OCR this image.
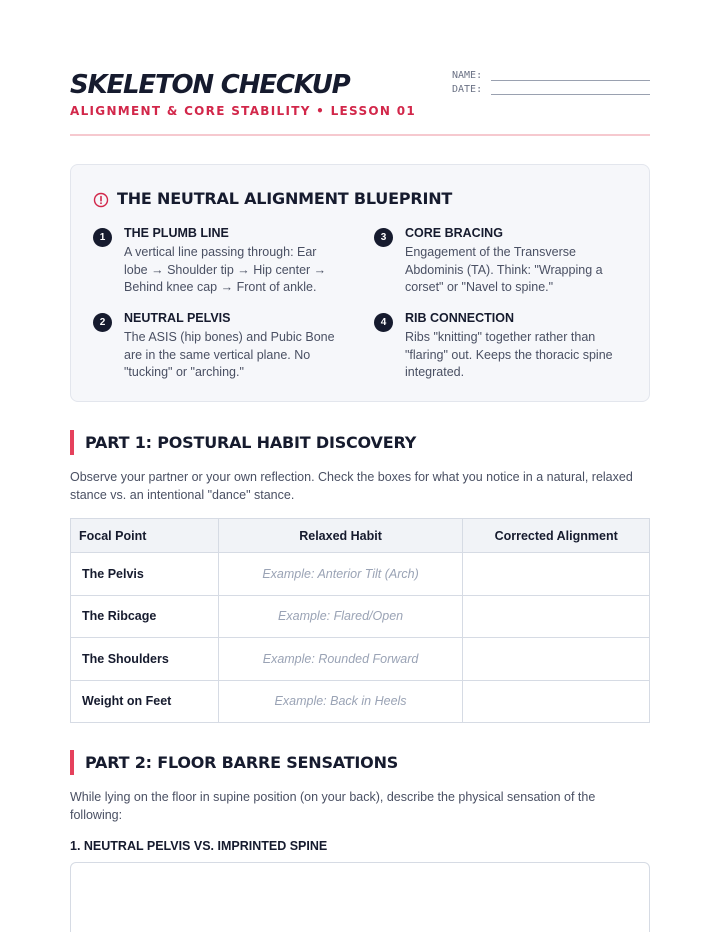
SKELETON CHECKUP
ALIGNMENT & CORE STABILITY • LESSON 01
NAME:
DATE:
THE NEUTRAL ALIGNMENT BLUEPRINT
1	THE PLUMB LINE
A vertical line passing through: Ear lobe → Shoulder tip → Hip center → Behind knee cap → Front of ankle.
2	NEUTRAL PELVIS
The ASIS (hip bones) and Pubic Bone are in the same vertical plane. No "tucking" or "arching."
3	CORE BRACING
Engagement of the Transverse Abdominis (TA). Think: "Wrapping a corset" or "Navel to spine."
4	RIB CONNECTION
Ribs "knitting" together rather than "flaring" out. Keeps the thoracic spine integrated.
PART 1: POSTURAL HABIT DISCOVERY
Observe your partner or your own reflection. Check the boxes for what you notice in a natural, relaxed stance vs. an intentional "dance" stance.
Focal Point	Relaxed Habit	Corrected Alignment
The Pelvis	Example: Anterior Tilt (Arch)	
The Ribcage	Example: Flared/Open	
The Shoulders	Example: Rounded Forward	
Weight on Feet	Example: Back in Heels	
PART 2: FLOOR BARRE SENSATIONS
While lying on the floor in supine position (on your back), describe the physical sensation of the following:
1. NEUTRAL PELVIS VS. IMPRINTED SPINE
